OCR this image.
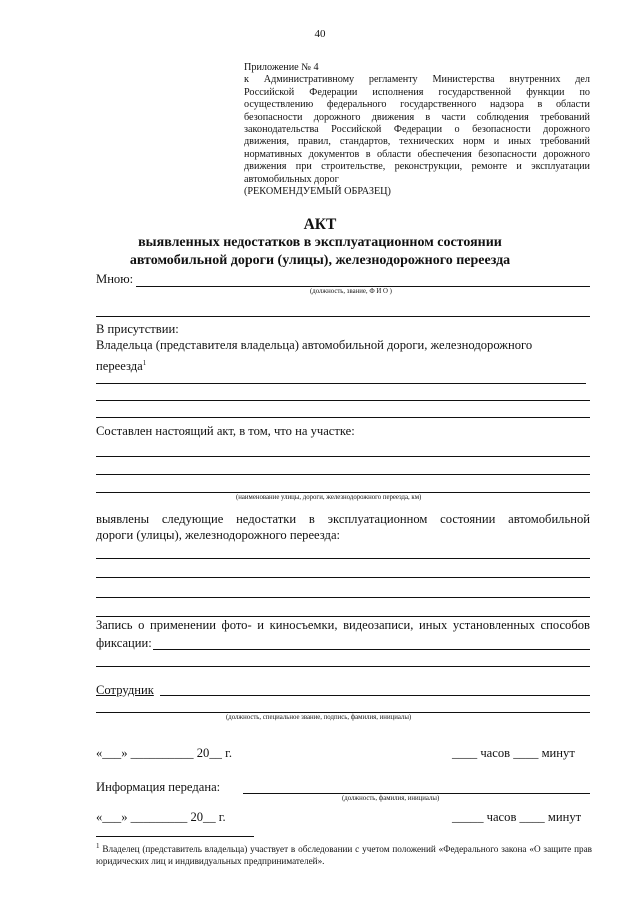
40
Приложение № 4
к Административному регламенту Министерства внутренних дел
Российской Федерации исполнения государственной функции по
осуществлению федерального государственного надзора в области
безопасности дорожного движения в части соблюдения требований
законодательства Российской Федерации о безопасности дорожного
движения, правил, стандартов, технических норм и иных требований
нормативных документов в области обеспечения безопасности дорожного
движения при строительстве, реконструкции, ремонте и эксплуатации
автомобильных дорог
(РЕКОМЕНДУЕМЫЙ ОБРАЗЕЦ)
АКТ
выявленных недостатков в эксплуатационном состоянии
автомобильной дороги (улицы), железнодорожного переезда
Мною:
(должность, звание, Ф И О )
В присутствии:
Владельца (представителя владельца) автомобильной дороги, железнодорожного
переезда$^1$
Составлен настоящий акт, в том, что на участке:
(наименование улицы, дороги, железнодорожного переезда, км)
выявлены следующие недостатки в эксплуатационном состоянии автомобильной
дороги (улицы), железнодорожного переезда:
Запись о применении фото- и киносъемки, видеозаписи, иных установленных способов
фиксации:
Сотрудник
(должность, специальное звание, подпись, фамилия, инициалы)
«___» __________ 20__ г.	____ часов ____ минут
Информация передана:
(должность, фамилия, инициалы)
«___» _________ 20__ г.	_____ часов ____ минут
$^1$ Владелец (представитель владельца) участвует в обследовании с учетом положений «Федерального закона «О защите прав юридических лиц и индивидуальных предпринимателей».
